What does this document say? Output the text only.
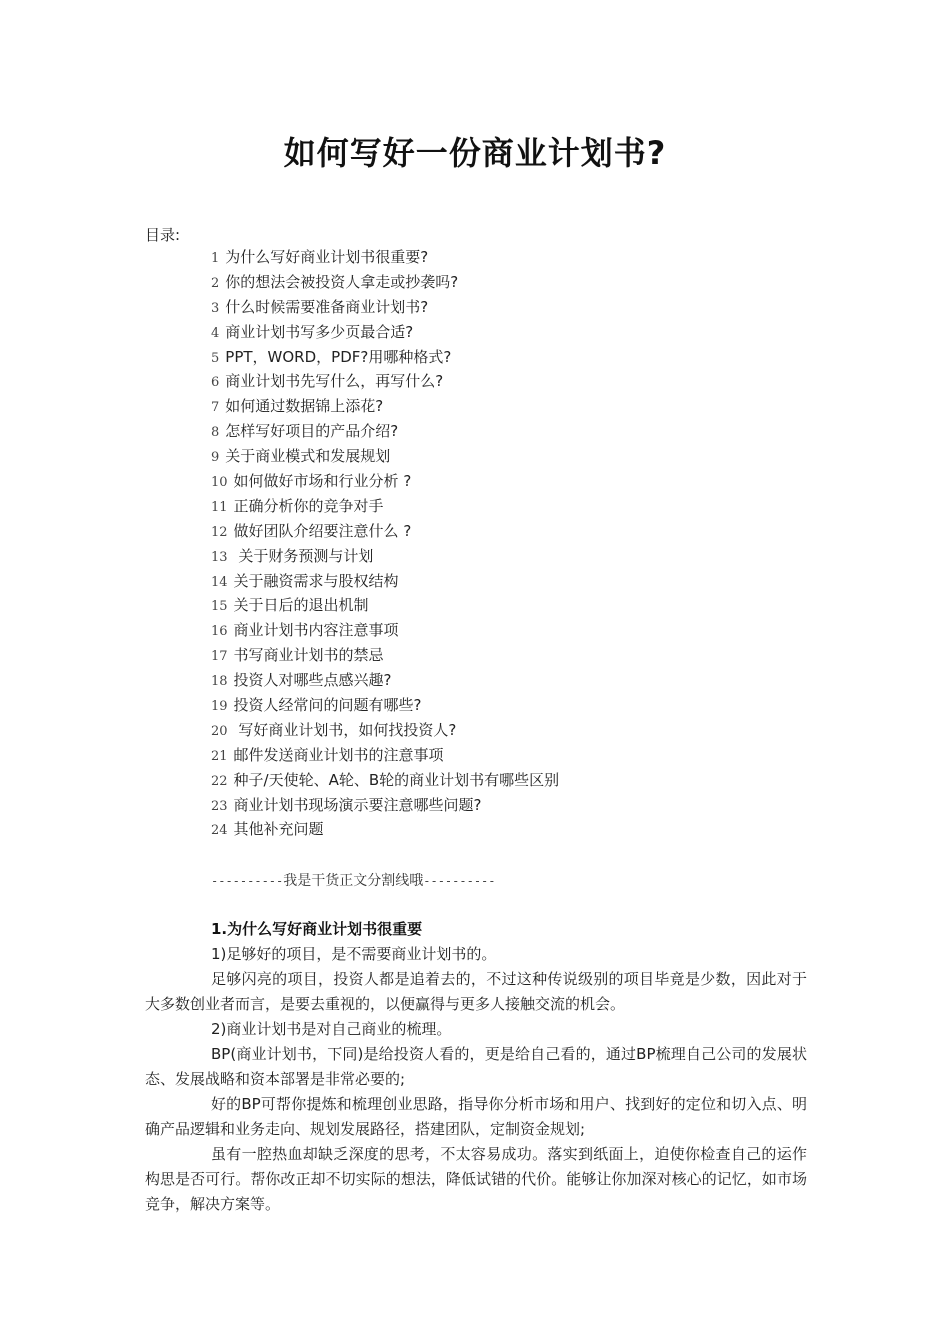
如何写好一份商业计划书?
目录:
1 为什么写好商业计划书很重要?
2 你的想法会被投资人拿走或抄袭吗?
3 什么时候需要准备商业计划书?
4 商业计划书写多少页最合适?
5 PPT，WORD，PDF?用哪种格式?
6 商业计划书先写什么，再写什么?
7 如何通过数据锦上添花?
8 怎样写好项目的产品介绍?
9 关于商业模式和发展规划
10 如何做好市场和行业分析 ?
11 正确分析你的竞争对手
12 做好团队介绍要注意什么 ?
13 关于财务预测与计划
14 关于融资需求与股权结构
15 关于日后的退出机制
16 商业计划书内容注意事项
17 书写商业计划书的禁忌
18 投资人对哪些点感兴趣?
19 投资人经常问的问题有哪些?
20 写好商业计划书，如何找投资人?
21 邮件发送商业计划书的注意事项
22 种子/天使轮、A轮、B轮的商业计划书有哪些区别
23 商业计划书现场演示要注意哪些问题?
24 其他补充问题
----------我是干货正文分割线哦----------

1.为什么写好商业计划书很重要

1)足够好的项目，是不需要商业计划书的。

足够闪亮的项目，投资人都是追着去的，不过这种传说级别的项目毕竟是少数，因此对于大多数创业者而言，是要去重视的，以便赢得与更多人接触交流的机会。

2)商业计划书是对自己商业的梳理。

BP(商业计划书，下同)是给投资人看的，更是给自己看的，通过BP梳理自己公司的发展状态、发展战略和资本部署是非常必要的;

好的BP可帮你提炼和梳理创业思路，指导你分析市场和用户、找到好的定位和切入点、明确产品逻辑和业务走向、规划发展路径，搭建团队，定制资金规划;

虽有一腔热血却缺乏深度的思考，不太容易成功。落实到纸面上，迫使你检查自己的运作构思是否可行。帮你改正却不切实际的想法，降低试错的代价。能够让你加深对核心的记忆，如市场竞争，解决方案等。
